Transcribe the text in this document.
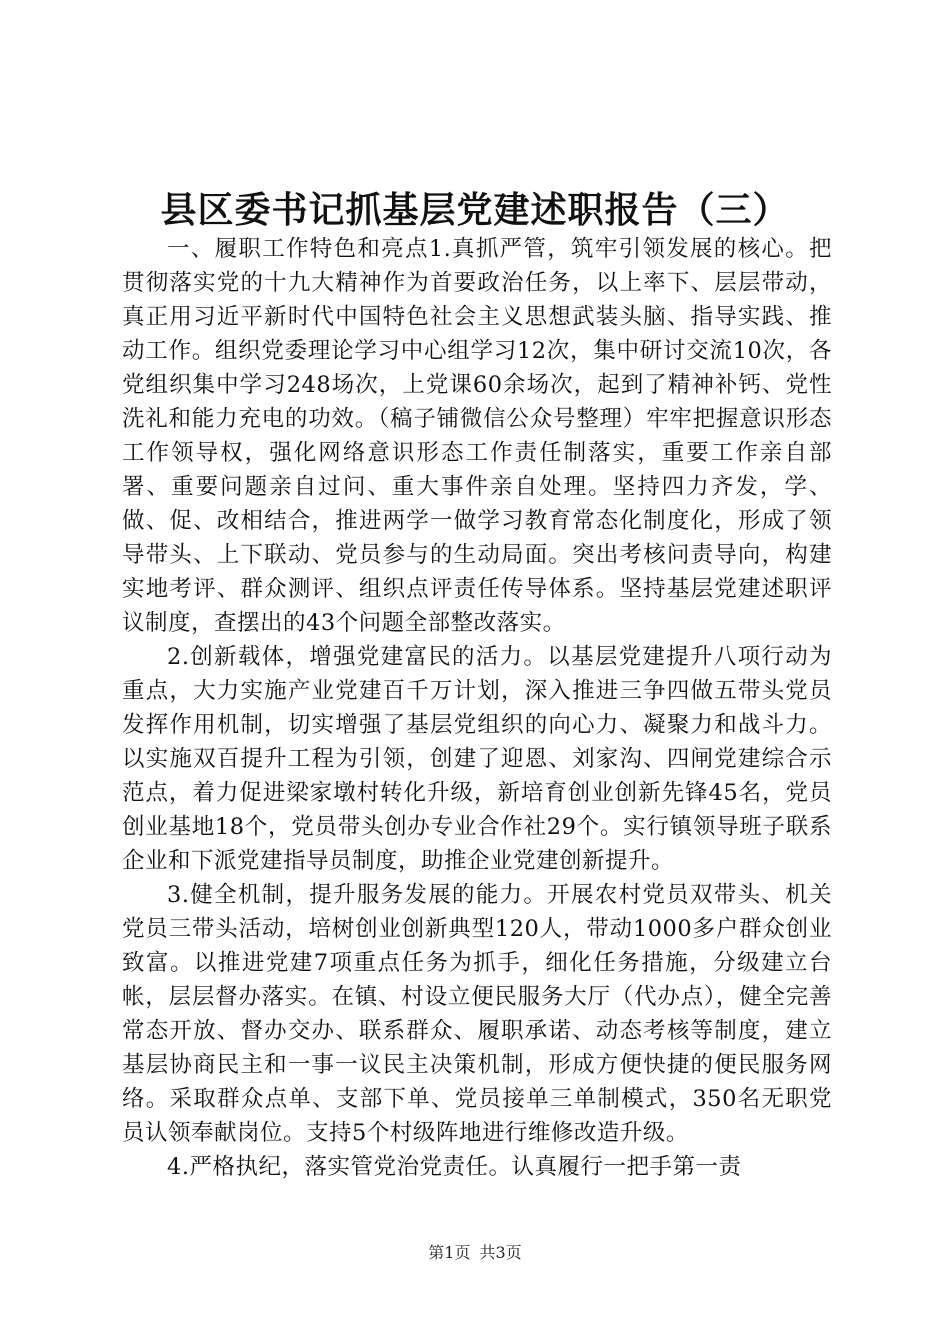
县区委书记抓基层党建述职报告（三）

一、履职工作特色和亮点1.真抓严管，筑牢引领发展的核心。把贯彻落实党的十九大精神作为首要政治任务，以上率下、层层带动，真正用习近平新时代中国特色社会主义思想武装头脑、指导实践、推动工作。组织党委理论学习中心组学习12次，集中研讨交流10次，各党组织集中学习248场次，上党课60余场次，起到了精神补钙、党性洗礼和能力充电的功效。（稿子铺微信公众号整理）牢牢把握意识形态工作领导权，强化网络意识形态工作责任制落实，重要工作亲自部署、重要问题亲自过问、重大事件亲自处理。坚持四力齐发，学、做、促、改相结合，推进两学一做学习教育常态化制度化，形成了领导带头、上下联动、党员参与的生动局面。突出考核问责导向，构建实地考评、群众测评、组织点评责任传导体系。坚持基层党建述职评议制度，查摆出的43个问题全部整改落实。

2.创新载体，增强党建富民的活力。以基层党建提升八项行动为重点，大力实施产业党建百千万计划，深入推进三争四做五带头党员发挥作用机制，切实增强了基层党组织的向心力、凝聚力和战斗力。以实施双百提升工程为引领，创建了迎恩、刘家沟、四闸党建综合示范点，着力促进梁家墩村转化升级，新培育创业创新先锋45名，党员创业基地18个，党员带头创办专业合作社29个。实行镇领导班子联系企业和下派党建指导员制度，助推企业党建创新提升。

3.健全机制，提升服务发展的能力。开展农村党员双带头、机关党员三带头活动，培树创业创新典型120人，带动1000多户群众创业致富。以推进党建7项重点任务为抓手，细化任务措施，分级建立台帐，层层督办落实。在镇、村设立便民服务大厅（代办点），健全完善常态开放、督办交办、联系群众、履职承诺、动态考核等制度，建立基层协商民主和一事一议民主决策机制，形成方便快捷的便民服务网络。采取群众点单、支部下单、党员接单三单制模式，350名无职党员认领奉献岗位。支持5个村级阵地进行维修改造升级。

4.严格执纪，落实管党治党责任。认真履行一把手第一责

第1页 共3页
